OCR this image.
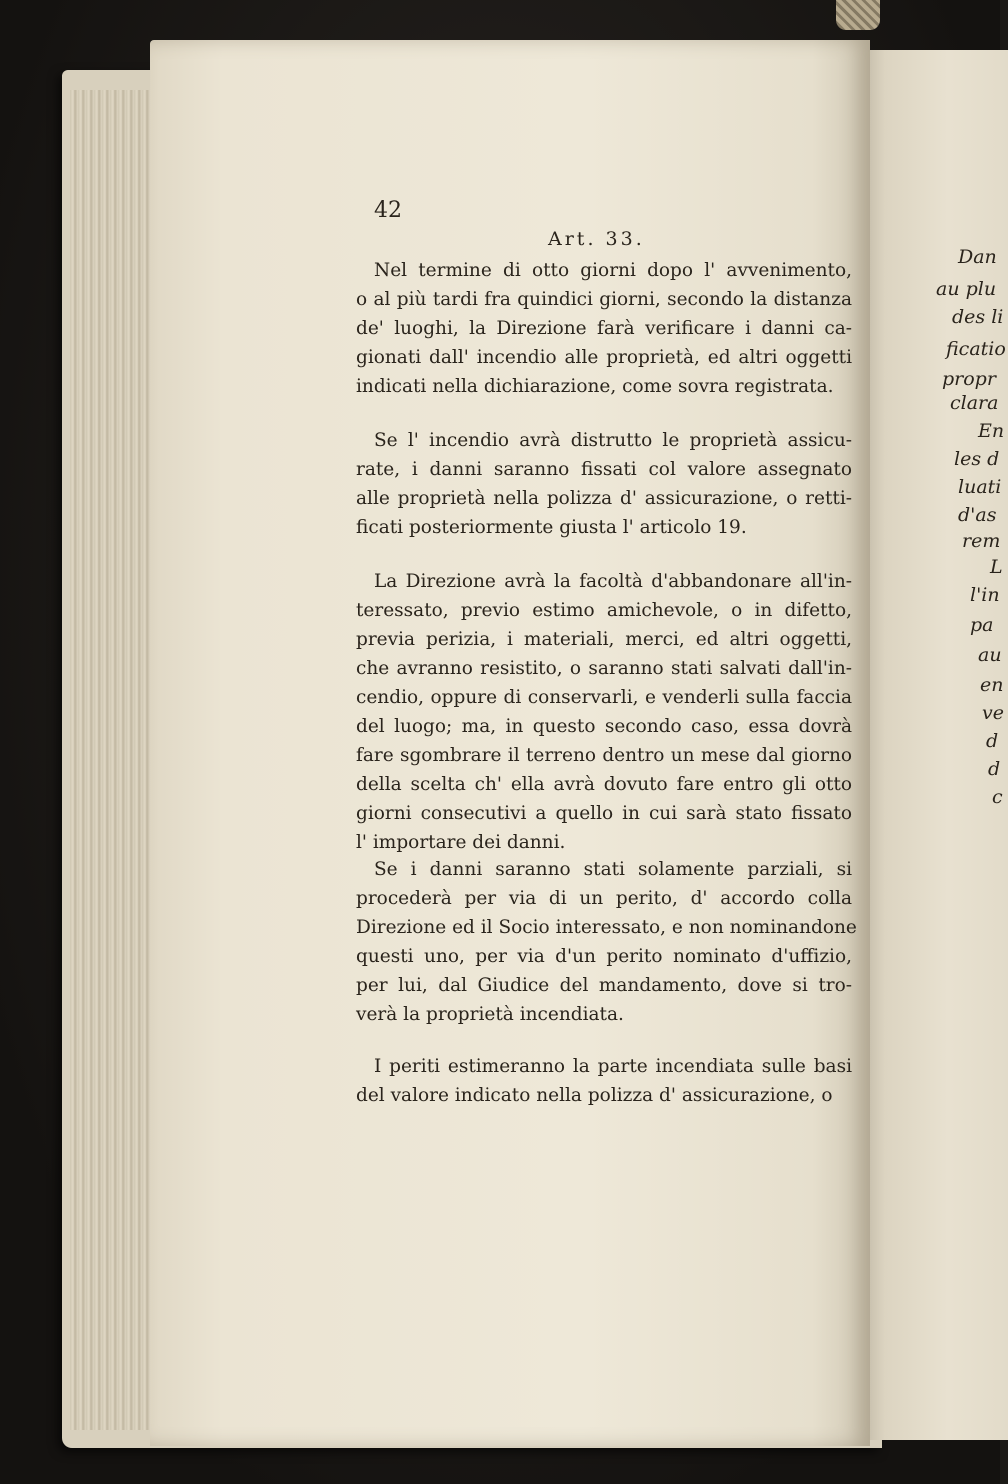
42
Art. 33.
Nel termine di otto giorni dopo l' avvenimento,
o al più tardi fra quindici giorni, secondo la distanza
de' luoghi, la Direzione farà verificare i danni ca-
gionati dall' incendio alle proprietà, ed altri oggetti
indicati nella dichiarazione, come sovra registrata.
Se l' incendio avrà distrutto le proprietà assicu-
rate, i danni saranno fissati col valore assegnato
alle proprietà nella polizza d' assicurazione, o retti-
ficati posteriormente giusta l' articolo 19.
La Direzione avrà la facoltà d'abbandonare all'in-
teressato, previo estimo amichevole, o in difetto,
previa perizia, i materiali, merci, ed altri oggetti,
che avranno resistito, o saranno stati salvati dall'in-
cendio, oppure di conservarli, e venderli sulla faccia
del luogo; ma, in questo secondo caso, essa dovrà
fare sgombrare il terreno dentro un mese dal giorno
della scelta ch' ella avrà dovuto fare entro gli otto
giorni consecutivi a quello in cui sarà stato fissato
l' importare dei danni.
Se i danni saranno stati solamente parziali, si
procederà per via di un perito, d' accordo colla
Direzione ed il Socio interessato, e non nominandone
questi uno, per via d'un perito nominato d'uffizio,
per lui, dal Giudice del mandamento, dove si tro-
verà la proprietà incendiata.
I periti estimeranno la parte incendiata sulle basi
del valore indicato nella polizza d' assicurazione, o
Dan
au plu
des li
ficatio
propr
clara
En
les d
luati
d'as
rem
L
l'in
pa
au
en
ve
d
d
c
